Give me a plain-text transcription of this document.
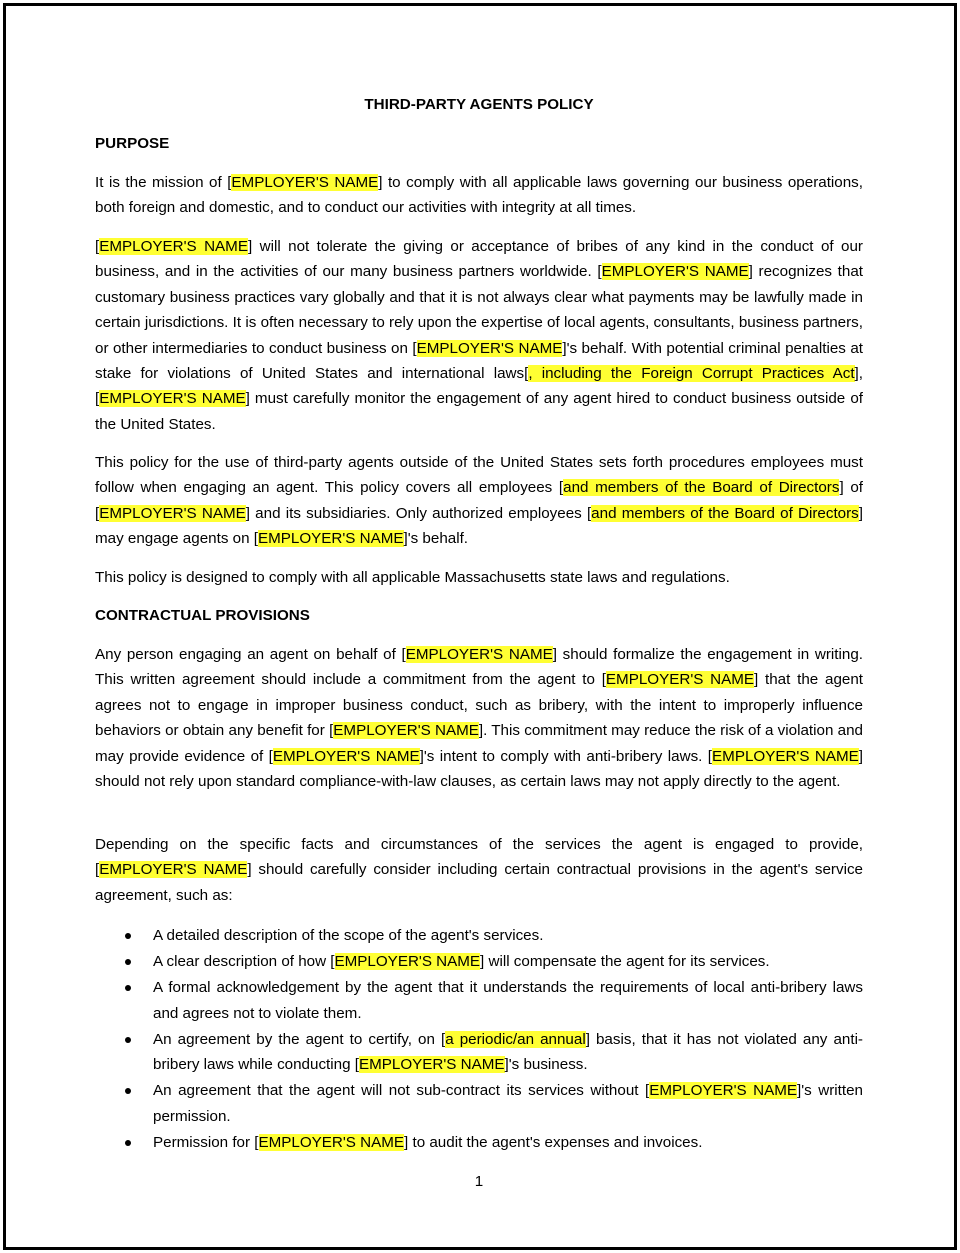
THIRD-PARTY AGENTS POLICY
PURPOSE

It is the mission of [EMPLOYER'S NAME] to comply with all applicable laws governing our business operations, both foreign and domestic, and to conduct our activities with integrity at all times.

[EMPLOYER'S NAME] will not tolerate the giving or acceptance of bribes of any kind in the conduct of our business, and in the activities of our many business partners worldwide. [EMPLOYER'S NAME] recognizes that customary business practices vary globally and that it is not always clear what payments may be lawfully made in certain jurisdictions. It is often necessary to rely upon the expertise of local agents, consultants, business partners, or other intermediaries to conduct business on [EMPLOYER'S NAME]'s behalf. With potential criminal penalties at stake for violations of United States and international laws[, including the Foreign Corrupt Practices Act], [EMPLOYER'S NAME] must carefully monitor the engagement of any agent hired to conduct business outside of the United States.

This policy for the use of third-party agents outside of the United States sets forth procedures employees must follow when engaging an agent. This policy covers all employees [and members of the Board of Directors] of [EMPLOYER'S NAME] and its subsidiaries. Only authorized employees [and members of the Board of Directors] may engage agents on [EMPLOYER'S NAME]'s behalf.

This policy is designed to comply with all applicable Massachusetts state laws and regulations.

CONTRACTUAL PROVISIONS

Any person engaging an agent on behalf of [EMPLOYER'S NAME] should formalize the engagement in writing. This written agreement should include a commitment from the agent to [EMPLOYER'S NAME] that the agent agrees not to engage in improper business conduct, such as bribery, with the intent to improperly influence behaviors or obtain any benefit for [EMPLOYER'S NAME]. This commitment may reduce the risk of a violation and may provide evidence of [EMPLOYER'S NAME]'s intent to comply with anti-bribery laws. [EMPLOYER'S NAME] should not rely upon standard compliance-with-law clauses, as certain laws may not apply directly to the agent.

Depending on the specific facts and circumstances of the services the agent is engaged to provide, [EMPLOYER'S NAME] should carefully consider including certain contractual provisions in the agent's service agreement, such as:

A detailed description of the scope of the agent's services.
A clear description of how [EMPLOYER'S NAME] will compensate the agent for its services.
A formal acknowledgement by the agent that it understands the requirements of local anti-bribery laws and agrees not to violate them.
An agreement by the agent to certify, on [a periodic/an annual] basis, that it has not violated any anti-bribery laws while conducting [EMPLOYER'S NAME]'s business.
An agreement that the agent will not sub-contract its services without [EMPLOYER'S NAME]'s written permission.
Permission for [EMPLOYER'S NAME] to audit the agent's expenses and invoices.
1
